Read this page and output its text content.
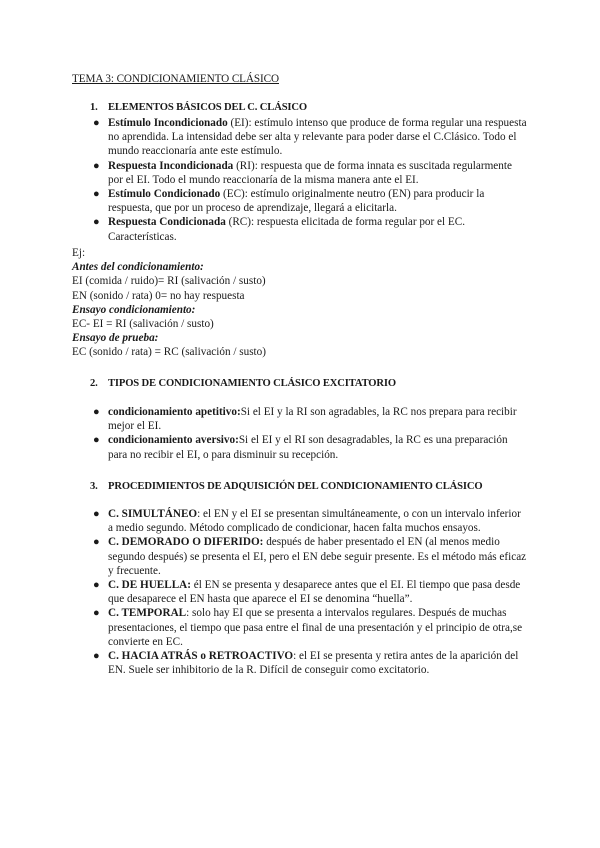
TEMA 3: CONDICIONAMIENTO CLÁSICO
1. ELEMENTOS BÁSICOS DEL C. CLÁSICO
● Estímulo Incondicionado (EI): estímulo intenso que produce de forma regular una respuesta no aprendida. La intensidad debe ser alta y relevante para poder darse el C.Clásico. Todo el mundo reaccionaría ante este estímulo.
● Respuesta Incondicionada (RI): respuesta que de forma innata es suscitada regularmente por el EI. Todo el mundo reaccionaría de la misma manera ante el EI.
● Estímulo Condicionado (EC): estímulo originalmente neutro (EN) para producir la respuesta, que por un proceso de aprendizaje, llegará a elicitarla.
● Respuesta Condicionada (RC): respuesta elicitada de forma regular por el EC. Características.
Ej:
Antes del condicionamiento:
EI (comida / ruido)= RI (salivación / susto)
EN (sonido / rata) 0= no hay respuesta
Ensayo condicionamiento:
EC- EI = RI (salivación / susto)
Ensayo de prueba:
EC (sonido / rata) = RC (salivación / susto)
2. TIPOS DE CONDICIONAMIENTO CLÁSICO EXCITATORIO
● condicionamiento apetitivo:Si el EI y la RI son agradables, la RC nos prepara para recibir mejor el EI.
● condicionamiento aversivo:Si el EI y el RI son desagradables, la RC es una preparación para no recibir el EI, o para disminuir su recepción.
3. PROCEDIMIENTOS DE ADQUISICIÓN DEL CONDICIONAMIENTO CLÁSICO
● C. SIMULTÁNEO: el EN y el EI se presentan simultáneamente, o con un intervalo inferior a medio segundo. Método complicado de condicionar, hacen falta muchos ensayos.
● C. DEMORADO O DIFERIDO: después de haber presentado el EN (al menos medio segundo después) se presenta el EI, pero el EN debe seguir presente. Es el método más eficaz y frecuente.
● C. DE HUELLA: él EN se presenta y desaparece antes que el EI. El tiempo que pasa desde que desaparece el EN hasta que aparece el EI se denomina “huella”.
● C. TEMPORAL: solo hay EI que se presenta a intervalos regulares. Después de muchas presentaciones, el tiempo que pasa entre el final de una presentación y el principio de otra,se convierte en EC.
● C. HACIA ATRÁS o RETROACTIVO: el EI se presenta y retira antes de la aparición del EN. Suele ser inhibitorio de la R. Difícil de conseguir como excitatorio.
